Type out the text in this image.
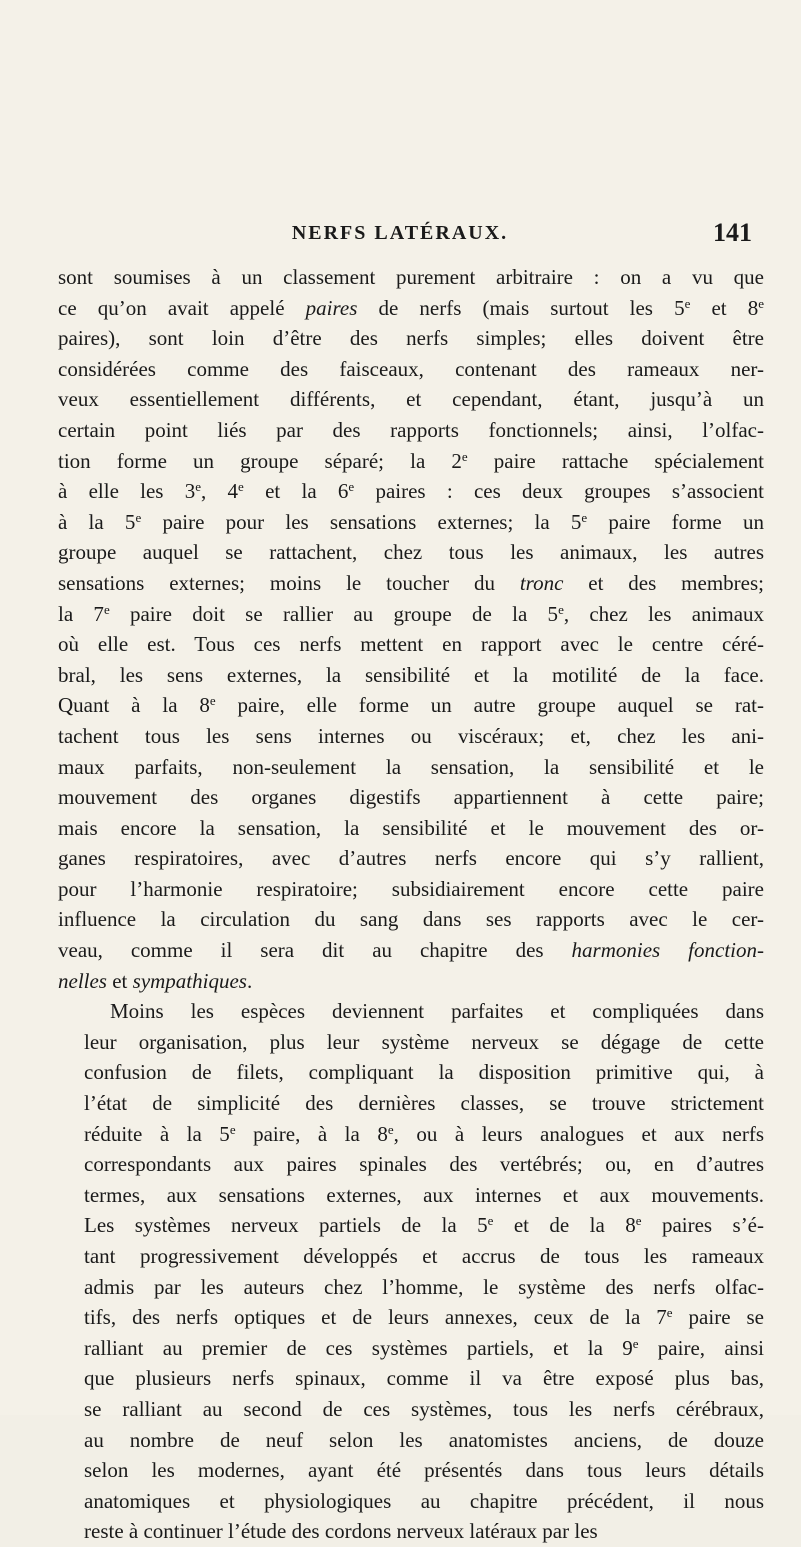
NERFS LATÉRAUX.	141

sont soumises à un classement purement arbitraire : on a vu que
ce qu’on avait appelé paires de nerfs (mais surtout les 5e et 8e
paires), sont loin d’être des nerfs simples; elles doivent être
considérées comme des faisceaux, contenant des rameaux ner-
veux essentiellement différents, et cependant, étant, jusqu’à un
certain point liés par des rapports fonctionnels; ainsi, l’olfac-
tion forme un groupe séparé; la 2e paire rattache spécialement
à elle les 3e, 4e et la 6e paires : ces deux groupes s’associent
à la 5e paire pour les sensations externes; la 5e paire forme un
groupe auquel se rattachent, chez tous les animaux, les autres
sensations externes; moins le toucher du tronc et des membres;
la 7e paire doit se rallier au groupe de la 5e, chez les animaux
où elle est. Tous ces nerfs mettent en rapport avec le centre céré-
bral, les sens externes, la sensibilité et la motilité de la face.
Quant à la 8e paire, elle forme un autre groupe auquel se rat-
tachent tous les sens internes ou viscéraux; et, chez les ani-
maux parfaits, non-seulement la sensation, la sensibilité et le
mouvement des organes digestifs appartiennent à cette paire;
mais encore la sensation, la sensibilité et le mouvement des or-
ganes respiratoires, avec d’autres nerfs encore qui s’y rallient,
pour l’harmonie respiratoire; subsidiairement encore cette paire
influence la circulation du sang dans ses rapports avec le cer-
veau, comme il sera dit au chapitre des harmonies fonction-
nelles et sympathiques.

Moins les espèces deviennent parfaites et compliquées dans
leur organisation, plus leur système nerveux se dégage de cette
confusion de filets, compliquant la disposition primitive qui, à
l’état de simplicité des dernières classes, se trouve strictement
réduite à la 5e paire, à la 8e, ou à leurs analogues et aux nerfs
correspondants aux paires spinales des vertébrés; ou, en d’autres
termes, aux sensations externes, aux internes et aux mouvements.
Les systèmes nerveux partiels de la 5e et de la 8e paires s’é-
tant progressivement développés et accrus de tous les rameaux
admis par les auteurs chez l’homme, le système des nerfs olfac-
tifs, des nerfs optiques et de leurs annexes, ceux de la 7e paire se
ralliant au premier de ces systèmes partiels, et la 9e paire, ainsi
que plusieurs nerfs spinaux, comme il va être exposé plus bas,
se ralliant au second de ces systèmes, tous les nerfs cérébraux,
au nombre de neuf selon les anatomistes anciens, de douze
selon les modernes, ayant été présentés dans tous leurs détails
anatomiques et physiologiques au chapitre précédent, il nous
reste à continuer l’étude des cordons nerveux latéraux par les
